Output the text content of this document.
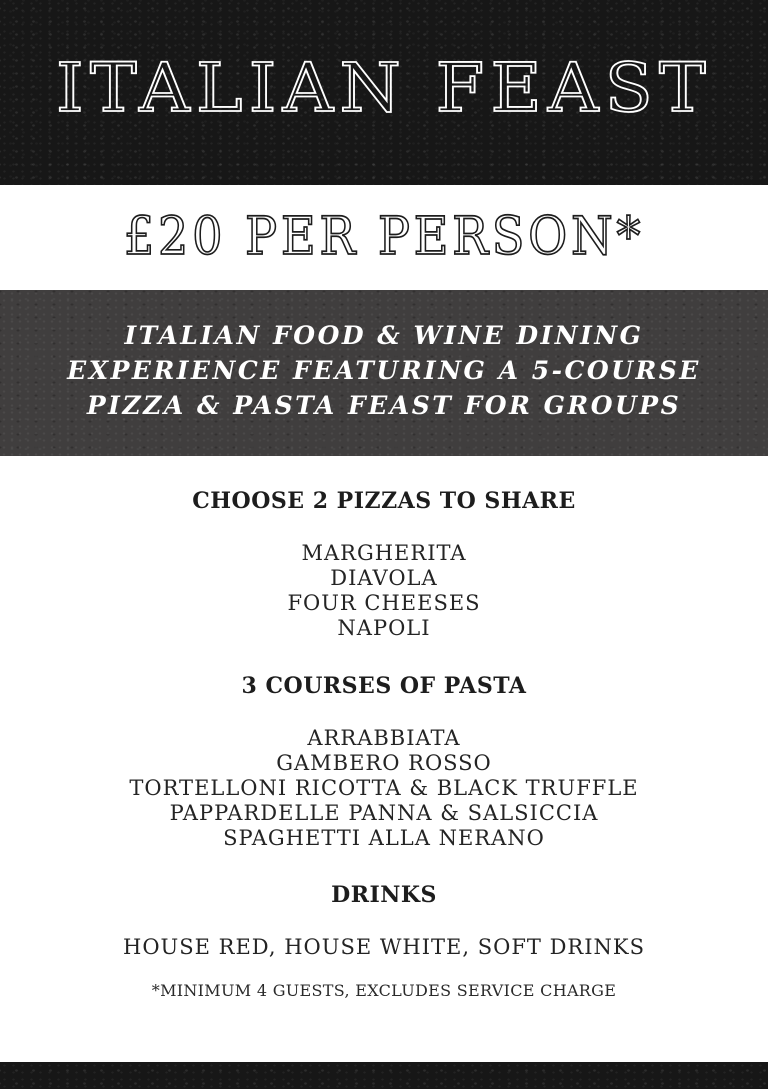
ITALIAN FEAST
£20 PER PERSON*
ITALIAN FOOD & WINE DINING
EXPERIENCE FEATURING A 5-COURSE
PIZZA & PASTA FEAST FOR GROUPS
CHOOSE 2 PIZZAS TO SHARE
MARGHERITA
DIAVOLA
FOUR CHEESES
NAPOLI
3 COURSES OF PASTA
ARRABBIATA
GAMBERO ROSSO
TORTELLONI RICOTTA & BLACK TRUFFLE
PAPPARDELLE PANNA & SALSICCIA
SPAGHETTI ALLA NERANO
DRINKS
HOUSE RED, HOUSE WHITE, SOFT DRINKS
*MINIMUM 4 GUESTS, EXCLUDES SERVICE CHARGE
